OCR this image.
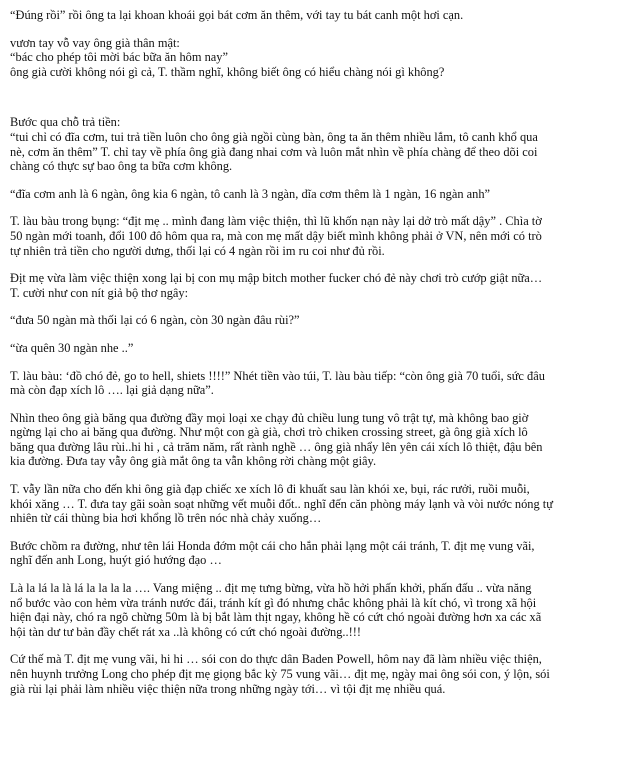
“Đúng rồi” rồi ông ta lại khoan khoái gọi bát cơm ăn thêm, với tay tu bát canh một hơi cạn.

vươn tay vỗ vay ông già thân mật:
“bác cho phép tôi mời bác bữa ăn hôm nay”
ông già cười không nói gì cả, T. thầm nghĩ, không biết ông có hiểu chàng nói gì không?

Bước qua chỗ trả tiền:
“tui chỉ có đĩa cơm, tui trả tiền luôn cho ông già ngồi cùng bàn, ông ta ăn thêm nhiều lắm, tô canh khổ qua
nè, cơm ăn thêm” T. chỉ tay về phía ông già đang nhai cơm và luôn mắt nhìn về phía chàng để theo dõi coi
chàng có thực sự bao ông ta bữa cơm không.

“đĩa cơm anh là 6 ngàn, ông kia 6 ngàn, tô canh là 3 ngàn, dĩa cơm thêm là 1 ngàn, 16 ngàn anh”

T. làu bàu trong bụng: “địt mẹ .. mình đang làm việc thiện, thì lũ khốn nạn này lại dở trò mất dậy” . Chìa tờ
50 ngàn mới toanh, đổi 100 đô hôm qua ra, mà con mẹ mất dậy biết mình không phải ở VN, nên mới có trò
tự nhiên trả tiền cho người dưng, thối lại có 4 ngàn rồi im ru coi như đủ rồi.

Địt mẹ vừa làm việc thiện xong lại bị con mụ mập bitch mother fucker chó đẻ này chơi trò cướp giật nữa…
T. cười như con nít giả bộ thơ ngây:

“đưa 50 ngàn mà thối lại có 6 ngàn, còn 30 ngàn đâu rùi?”

“ừa quên 30 ngàn nhe ..”

T. làu bàu: ‘đồ chó đẻ, go to hell, shiets !!!!” Nhét tiền vào túi, T. làu bàu tiếp: “còn ông già 70 tuổi, sức đâu
mà còn đạp xích lô …. lại giả dạng nữa”.

Nhìn theo ông già băng qua đường đầy mọi loại xe chạy đủ chiều lung tung vô trật tự, mà không bao giờ
ngừng lại cho ai băng qua đường. Như một con gà già, chơi trò chiken crossing street, gà ông già xích lô
băng qua đường lâu rùi..hi hi , cả trăm năm, rất rành nghề … ông già nhẩy lên yên cái xích lô thiệt, đậu bên
kia đường. Đưa tay vẫy ông già mắt ông ta vẫn không rời chàng một giây.

T. vẫy lần nữa cho đến khi ông già đạp chiếc xe xích lô đi khuất sau làn khói xe, bụi, rác rưởi, ruồi muỗi,
khói xăng … T. đưa tay gãi soàn soạt những vết muỗi đốt.. nghĩ đến căn phòng máy lạnh và vòi nước nóng tự
nhiên từ cái thùng bia hơi khổng lồ trên nóc nhà chảy xuống…

Bước chồm ra đường, như tên lái Honda đớm một cái cho hắn phải lạng một cái tránh, T. địt mẹ vung vãi,
nghĩ đến anh Long, huýt gió hướng đạo …

Là la lá la là lá la la la la …. Vang miệng .. địt mẹ tưng bừng, vừa hồ hởi phấn khởi, phấn đấu .. vừa năng
nổ bước vào con hẻm vừa tránh nước đái, tránh kít gì đó nhưng chắc không phải là kít chó, vì trong xã hội
hiện đại này, chó ra ngõ chừng 50m là bị bắt làm thịt ngay, không hề có cứt chó ngoài đường hơn xa các xã
hội tàn dư tư bản đầy chết rát xa ..là không có cứt chó ngoài đường..!!!

Cứ thế mà T. địt mẹ vung vãi, hi hi … sói con do thực dân Baden Powell, hôm nay đã làm nhiều việc thiện,
nên huynh trưởng Long cho phép địt mẹ giọng bắc kỳ 75 vung vãi… địt mẹ, ngày mai ông sói con, ý lộn, sói
già rùi lại phải làm nhiều việc thiện nữa trong những ngày tới… vì tội địt mẹ nhiều quá.
